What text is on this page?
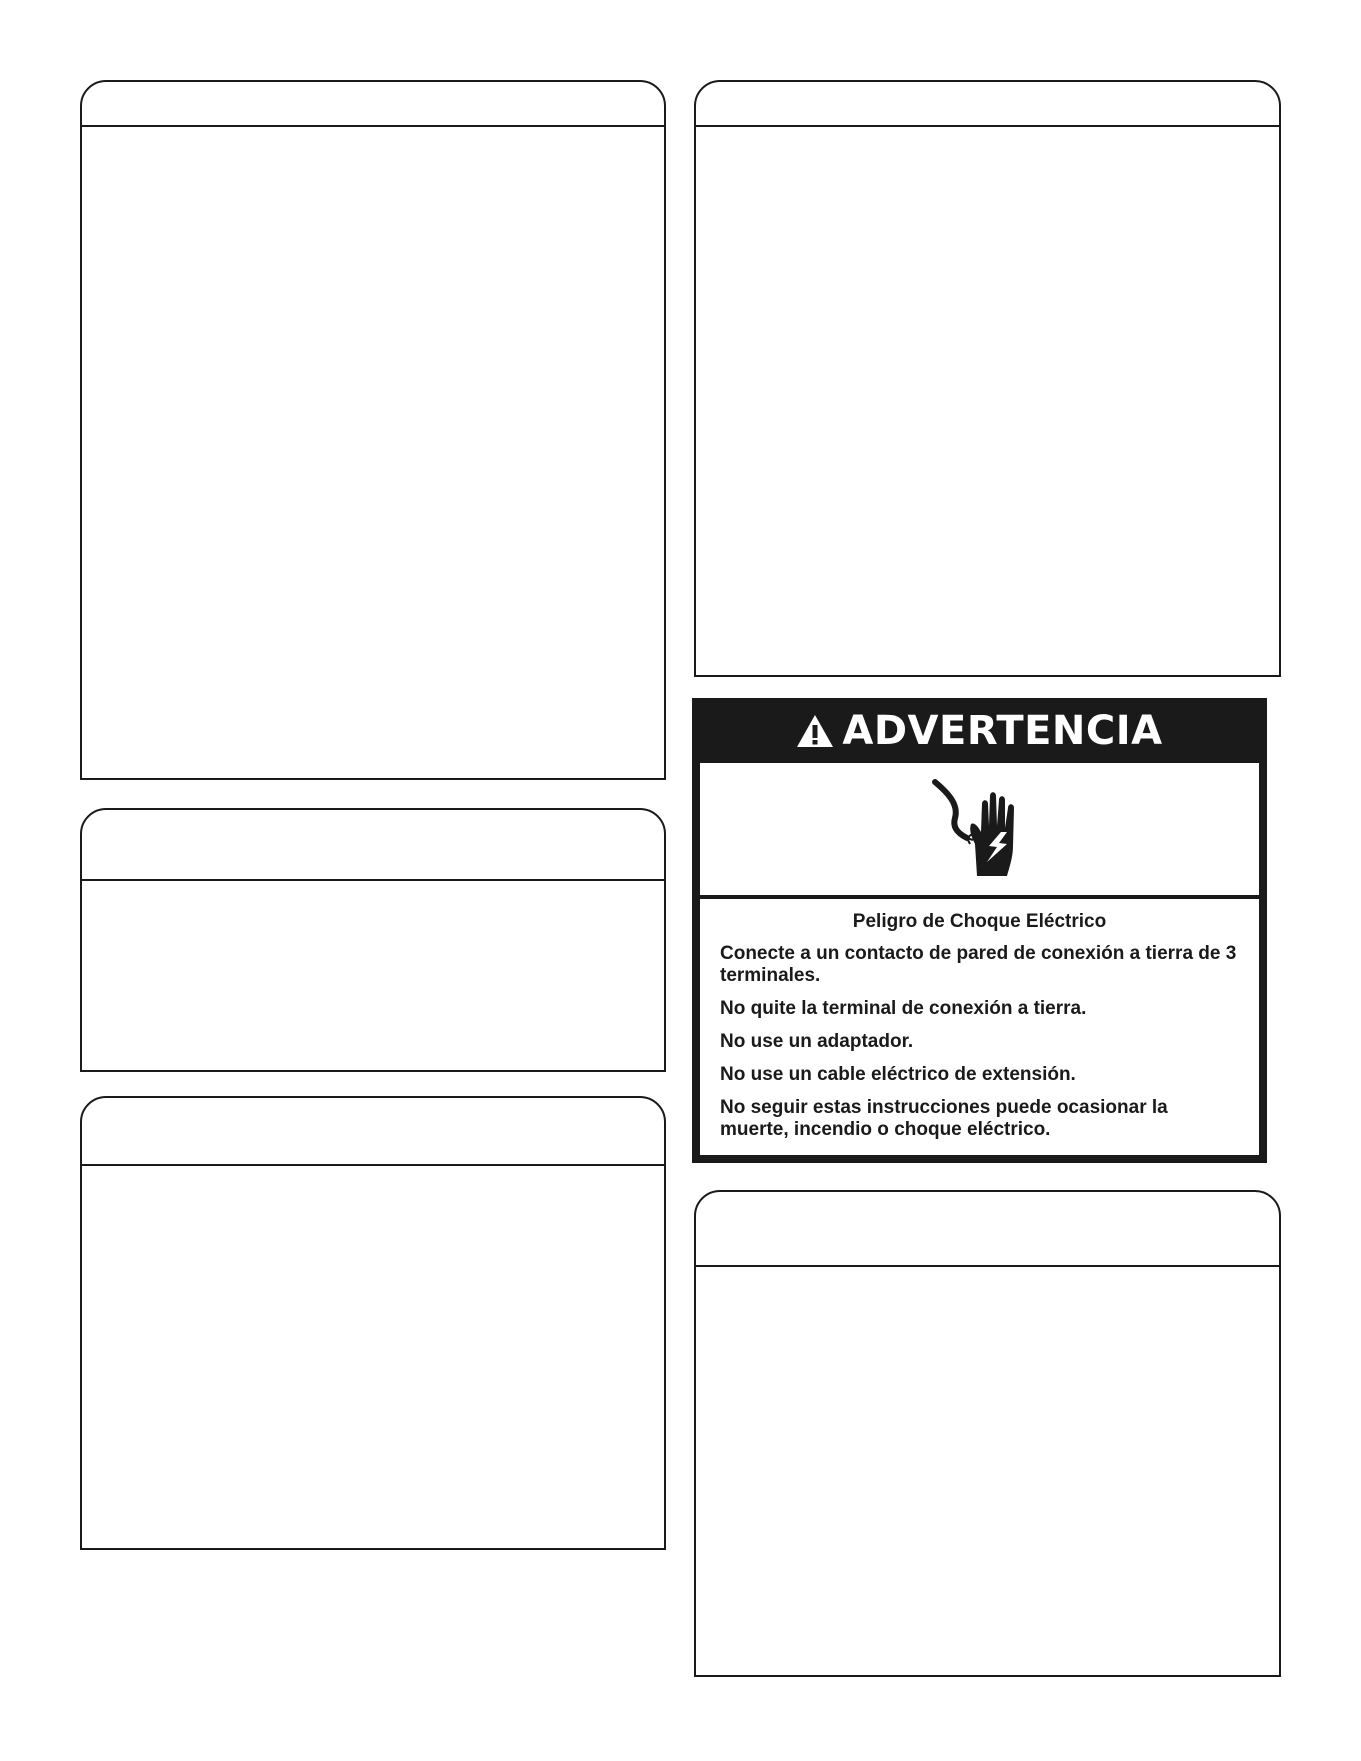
ADVERTENCIA

Peligro de Choque Eléctrico

Conecte a un contacto de pared de conexión a tierra de 3 terminales.

No quite la terminal de conexión a tierra.

No use un adaptador.

No use un cable eléctrico de extensión.

No seguir estas instrucciones puede ocasionar la muerte, incendio o choque eléctrico.
